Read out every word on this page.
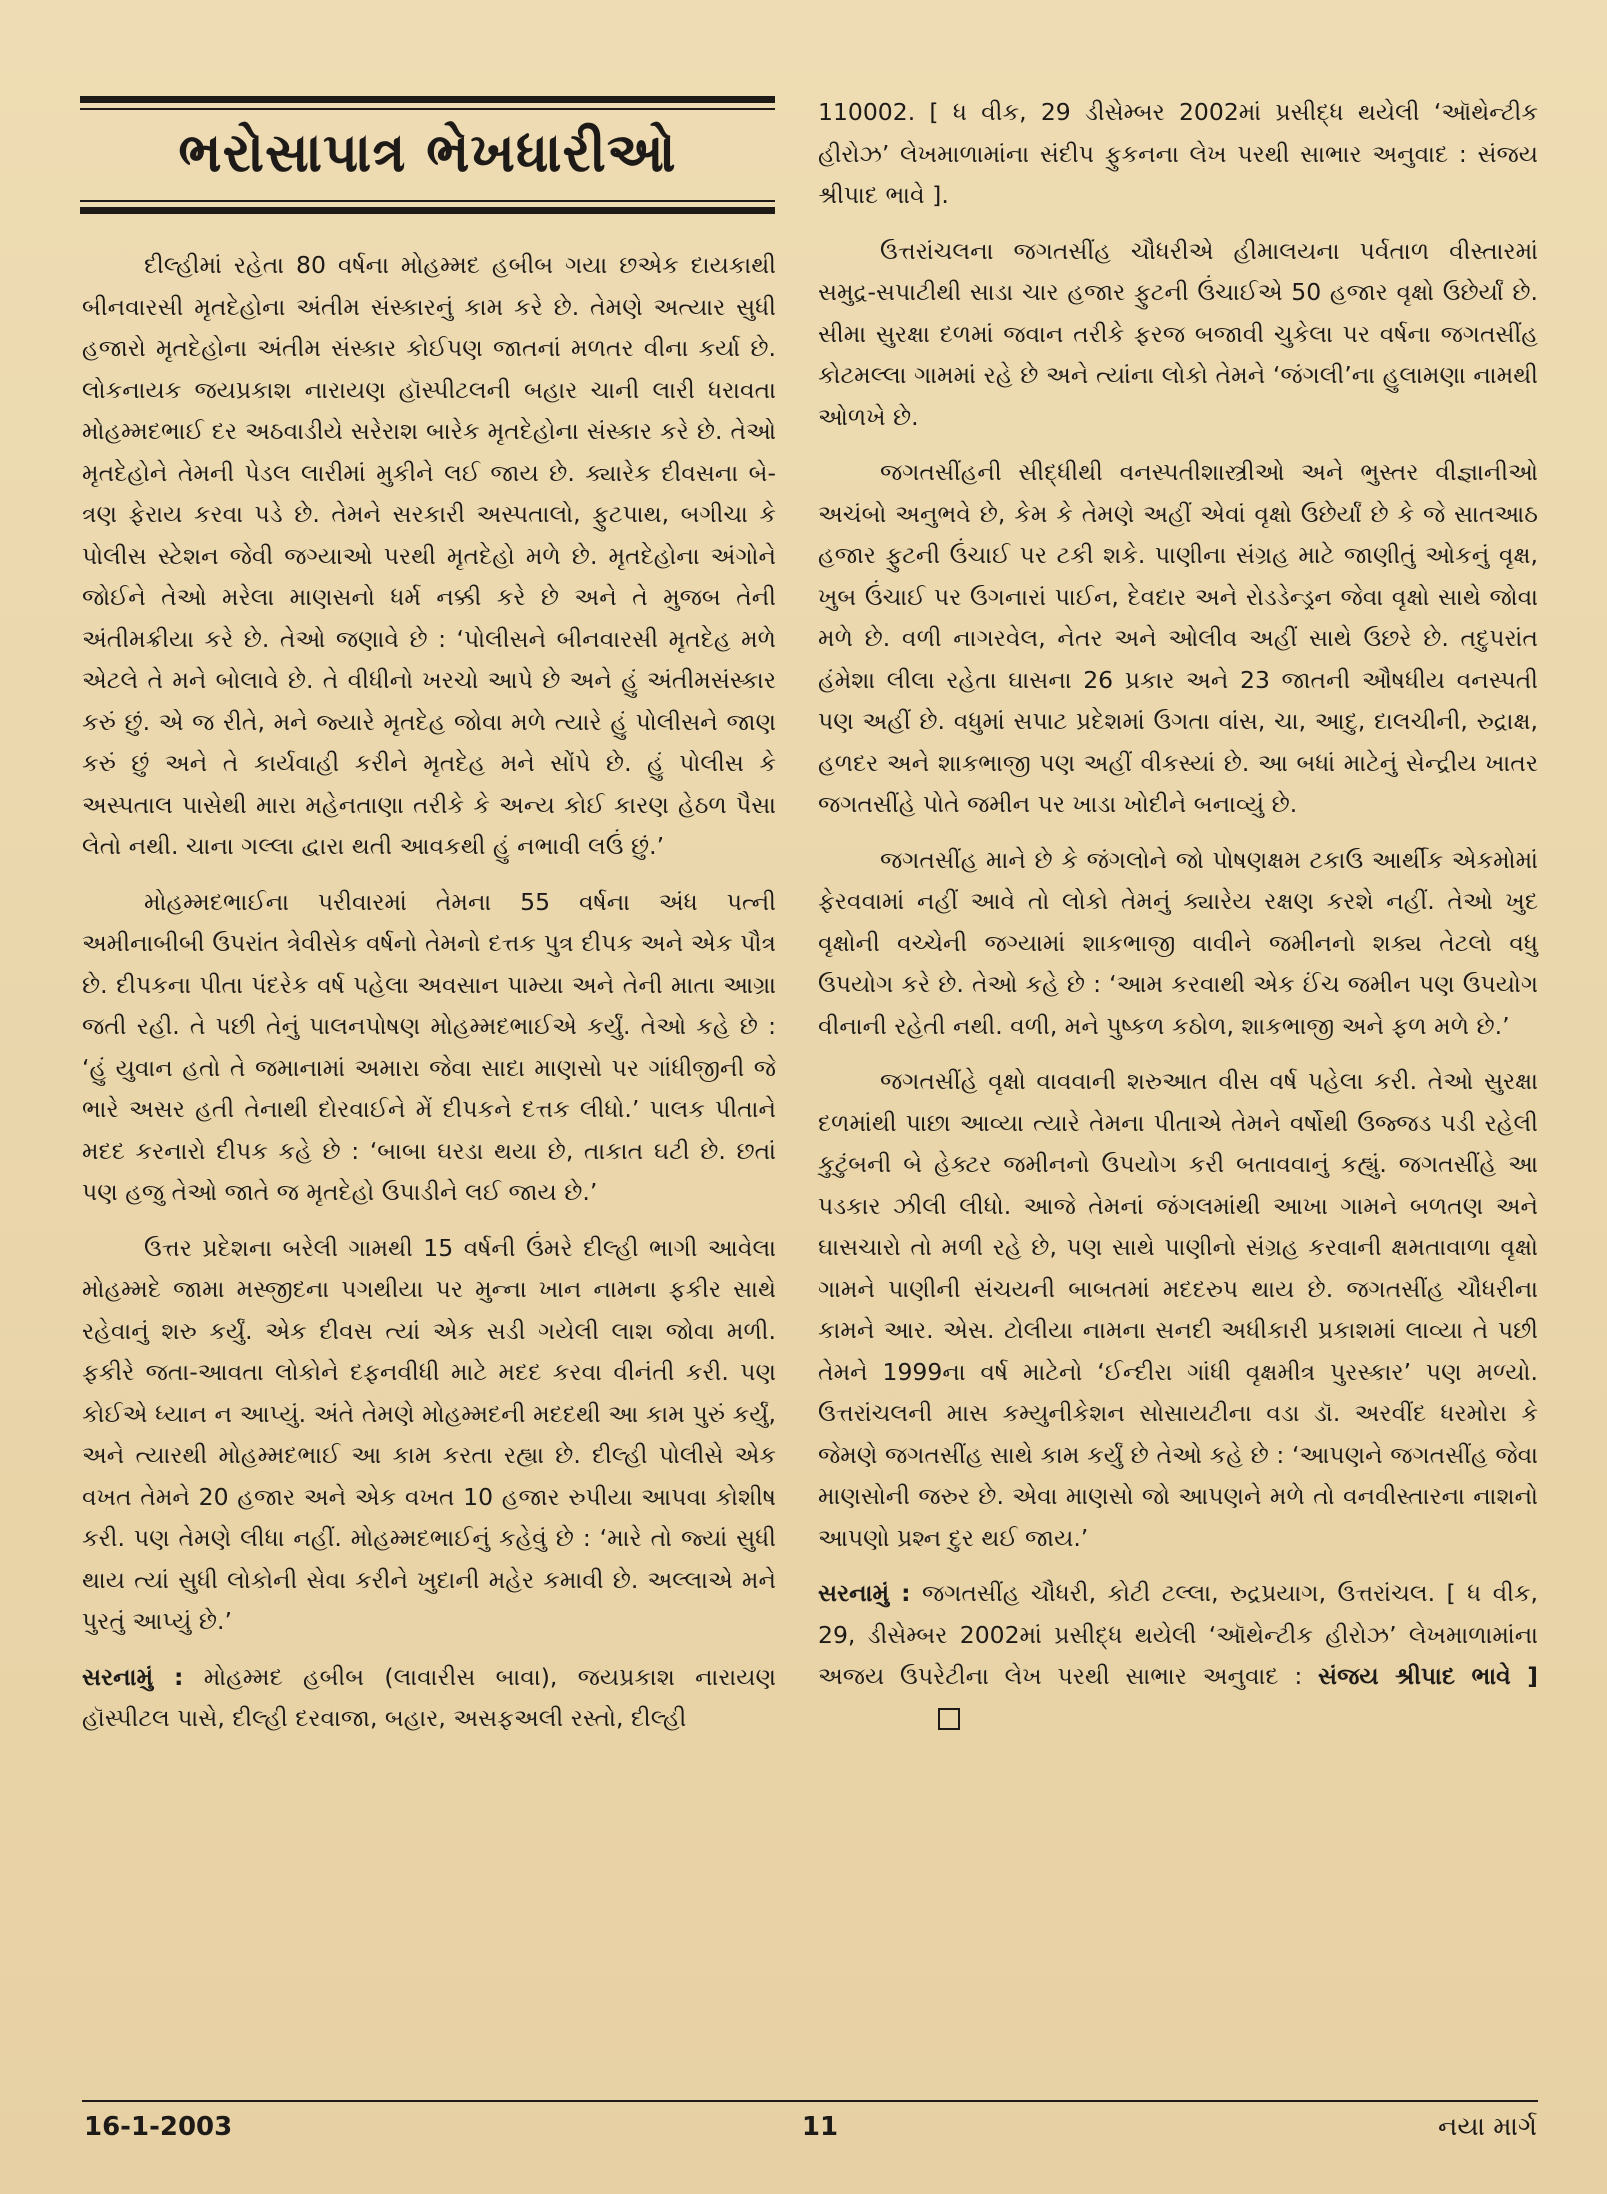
ભરોસાપાત્ર ભેખધારીઓ

દીલ્હીમાં રહેતા 80 વર્ષના મોહમ્મદ હબીબ ગયા છએક દાયકાથી બીનવારસી મૃતદેહોના અંતીમ સંસ્કારનું કામ કરે છે. તેમણે અત્યાર સુધી હજારો મૃતદેહોના અંતીમ સંસ્કાર કોઈપણ જાતનાં મળતર વીના કર્યા છે. લોકનાયક જયપ્રકાશ નારાયણ હૉસ્પીટલની બહાર ચાની લારી ધરાવતા મોહમ્મદભાઈ દર અઠવાડીયે સરેરાશ બારેક મૃતદેહોના સંસ્કાર કરે છે. તેઓ મૃતદેહોને તેમની પેડલ લારીમાં મુકીને લઈ જાય છે. ક્યારેક દીવસના બે-ત્રણ ફેરાય કરવા પડે છે. તેમને સરકારી અસ્પતાલો, ફુટપાથ, બગીચા કે પોલીસ સ્ટેશન જેવી જગ્યાઓ પરથી મૃતદેહો મળે છે. મૃતદેહોના અંગોને જોઈને તેઓ મરેલા માણસનો ધર્મ નક્કી કરે છે અને તે મુજબ તેની અંતીમક્રીયા કરે છે. તેઓ જણાવે છે : ‘પોલીસને બીનવારસી મૃતદેહ મળે એટલે તે મને બોલાવે છે. તે વીધીનો ખરચો આપે છે અને હું અંતીમસંસ્કાર કરું છું. એ જ રીતે, મને જ્યારે મૃતદેહ જોવા મળે ત્યારે હું પોલીસને જાણ કરું છું અને તે કાર્યવાહી કરીને મૃતદેહ મને સોંપે છે. હું પોલીસ કે અસ્પતાલ પાસેથી મારા મહેનતાણા તરીકે કે અન્ય કોઈ કારણ હેઠળ પૈસા લેતો નથી. ચાના ગલ્લા દ્વારા થતી આવકથી હું નભાવી લઉં છું.’

મોહમ્મદભાઈના પરીવારમાં તેમના 55 વર્ષના અંધ પત્ની અમીનાબીબી ઉપરાંત ત્રેવીસેક વર્ષનો તેમનો દત્તક પુત્ર દીપક અને એક પૌત્ર છે. દીપકના પીતા પંદરેક વર્ષ પહેલા અવસાન પામ્યા અને તેની માતા આગ્રા જતી રહી. તે પછી તેનું પાલનપોષણ મોહમ્મદભાઈએ કર્યું. તેઓ કહે છે : ‘હું યુવાન હતો તે જમાનામાં અમારા જેવા સાદા માણસો પર ગાંધીજીની જે ભારે અસર હતી તેનાથી દોરવાઈને મેં દીપકને દત્તક લીધો.’ પાલક પીતાને મદદ કરનારો દીપક કહે છે : ‘બાબા ઘરડા થયા છે, તાકાત ઘટી છે. છતાં પણ હજુ તેઓ જાતે જ મૃતદેહો ઉપાડીને લઈ જાય છે.’

ઉત્તર પ્રદેશના બરેલી ગામથી 15 વર્ષની ઉંમરે દીલ્હી ભાગી આવેલા મોહમ્મદે જામા મસ્જીદના પગથીયા પર મુન્ના ખાન નામના ફકીર સાથે રહેવાનું શરુ કર્યું. એક દીવસ ત્યાં એક સડી ગયેલી લાશ જોવા મળી. ફકીરે જતા-આવતા લોકોને દફનવીધી માટે મદદ કરવા વીનંતી કરી. પણ કોઈએ ધ્યાન ન આપ્યું. અંતે તેમણે મોહમ્મદની મદદથી આ કામ પુરું કર્યું, અને ત્યારથી મોહમ્મદભાઈ આ કામ કરતા રહ્યા છે. દીલ્હી પોલીસે એક વખત તેમને 20 હજાર અને એક વખત 10 હજાર રુપીયા આપવા કોશીષ કરી. પણ તેમણે લીધા નહીં. મોહમ્મદભાઈનું કહેવું છે : ‘મારે તો જ્યાં સુધી થાય ત્યાં સુધી લોકોની સેવા કરીને ખુદાની મહેર કમાવી છે. અલ્લાએ મને પુરતું આપ્યું છે.’

સરનામું : મોહમ્મદ હબીબ (લાવારીસ બાવા), જયપ્રકાશ નારાયણ હૉસ્પીટલ પાસે, દીલ્હી દરવાજા, બહાર, અસફઅલી રસ્તો, દીલ્હી

110002. [ ધ વીક, 29 ડીસેમ્બર 2002માં પ્રસીદ્ધ થયેલી ‘ઑથેન્ટીક હીરોઝ’ લેખમાળામાંના સંદીપ ફુકનના લેખ પરથી સાભાર અનુવાદ : સંજય શ્રીપાદ ભાવે ].

ઉત્તરાંચલના જગતસીંહ ચૌધરીએ હીમાલયના પર્વતાળ વીસ્તારમાં સમુદ્ર-સપાટીથી સાડા ચાર હજાર ફુટની ઉંચાઈએ 50 હજાર વૃક્ષો ઉછેર્યાં છે. સીમા સુરક્ષા દળમાં જવાન તરીકે ફરજ બજાવી ચુકેલા પર વર્ષના જગતસીંહ કોટમલ્લા ગામમાં રહે છે અને ત્યાંના લોકો તેમને ‘જંગલી’ના હુલામણા નામથી ઓળખે છે.

જગતસીંહની સીદ્ધીથી વનસ્પતીશાસ્ત્રીઓ અને ભુસ્તર વીજ્ઞાનીઓ અચંબો અનુભવે છે, કેમ કે તેમણે અહીં એવાં વૃક્ષો ઉછેર્યાં છે કે જે સાતઆઠ હજાર ફુટની ઉંચાઈ પર ટકી શકે. પાણીના સંગ્રહ માટે જાણીતું ઓકનું વૃક્ષ, ખુબ ઉંચાઈ પર ઉગનારાં પાઈન, દેવદાર અને રોડડેન્ડ્રન જેવા વૃક્ષો સાથે જોવા મળે છે. વળી નાગરવેલ, નેતર અને ઓલીવ અહીં સાથે ઉછરે છે. તદુપરાંત હંમેશા લીલા રહેતા ઘાસના 26 પ્રકાર અને 23 જાતની ઔષધીય વનસ્પતી પણ અહીં છે. વધુમાં સપાટ પ્રદેશમાં ઉગતા વાંસ, ચા, આદુ, દાલચીની, રુદ્રાક્ષ, હળદર અને શાકભાજી પણ અહીં વીકસ્યાં છે. આ બધાં માટેનું સેન્દ્રીય ખાતર જગતસીંહે પોતે જમીન પર ખાડા ખોદીને બનાવ્યું છે.

જગતસીંહ માને છે કે જંગલોને જો પોષણક્ષમ ટકાઉ આર્થીક એકમોમાં ફેરવવામાં નહીં આવે તો લોકો તેમનું ક્યારેય રક્ષણ કરશે નહીં. તેઓ ખુદ વૃક્ષોની વચ્ચેની જગ્યામાં શાકભાજી વાવીને જમીનનો શક્ય તેટલો વધુ ઉપયોગ કરે છે. તેઓ કહે છે : ‘આમ કરવાથી એક ઈંચ જમીન પણ ઉપયોગ વીનાની રહેતી નથી. વળી, મને પુષ્કળ કઠોળ, શાકભાજી અને ફળ મળે છે.’

જગતસીંહે વૃક્ષો વાવવાની શરુઆત વીસ વર્ષ પહેલા કરી. તેઓ સુરક્ષા દળમાંથી પાછા આવ્યા ત્યારે તેમના પીતાએ તેમને વર્ષોથી ઉજ્જડ પડી રહેલી કુટુંબની બે હેક્ટર જમીનનો ઉપયોગ કરી બતાવવાનું કહ્યું. જગતસીંહે આ પડકાર ઝીલી લીધો. આજે તેમનાં જંગલમાંથી આખા ગામને બળતણ અને ઘાસચારો તો મળી રહે છે, પણ સાથે પાણીનો સંગ્રહ કરવાની ક્ષમતાવાળા વૃક્ષો ગામને પાણીની સંચયની બાબતમાં મદદરુપ થાય છે. જગતસીંહ ચૌધરીના કામને આર. એસ. ટોલીયા નામના સનદી અધીકારી પ્રકાશમાં લાવ્યા તે પછી તેમને 1999ના વર્ષ માટેનો ‘ઈન્દીરા ગાંધી વૃક્ષમીત્ર પુરસ્કાર’ પણ મળ્યો. ઉત્તરાંચલની માસ કમ્યુનીકેશન સોસાયટીના વડા ડૉ. અરવીંદ ધરમોરા કે જેમણે જગતસીંહ સાથે કામ કર્યું છે તેઓ કહે છે : ‘આપણને જગતસીંહ જેવા માણસોની જરુર છે. એવા માણસો જો આપણને મળે તો વનવીસ્તારના નાશનો આપણો પ્રશ્ન દુર થઈ જાય.’

સરનામું : જગતસીંહ ચૌધરી, કોટી ટલ્લા, રુદ્રપ્રયાગ, ઉત્તરાંચલ. [ ધ વીક, 29, ડીસેમ્બર 2002માં પ્રસીદ્ધ થયેલી ‘ઑથેન્ટીક હીરોઝ’ લેખમાળામાંના અજય ઉપરેટીના લેખ પરથી સાભાર અનુવાદ : સંજય શ્રીપાદ ભાવે ]

16-1-2003	11	નયા માર્ગ
